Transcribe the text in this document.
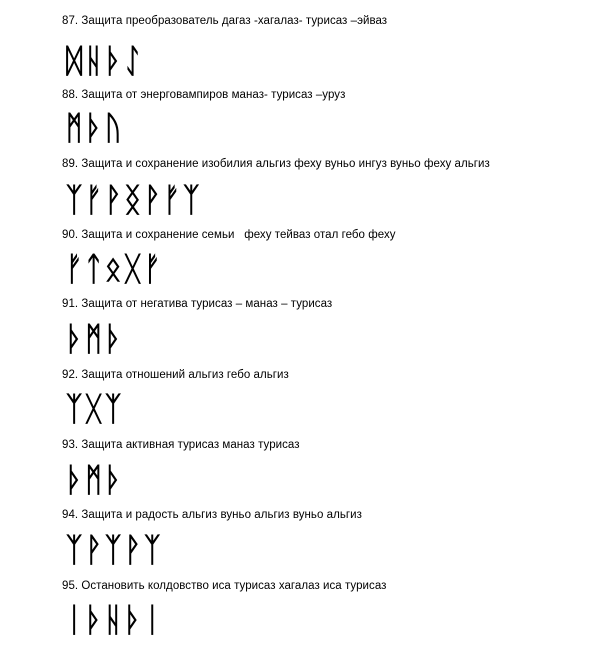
87. Защита преобразователь дагаз -хагалаз- турисаз –эйваз
ᛞᚺᚦᛇ
88. Защита от энерговампиров маназ- турисаз –уруз
ᛗᚦᚢ
89. Защита и сохранение изобилия альгиз феху вуньо ингуз вуньо феху альгиз
ᛉᚠᚹᛝᚹᚠᛉ
90. Защита и сохранение семьи   феху тейваз отал гебо феху
ᚠᛏᛟᚷᚠ
91. Защита от негатива турисаз – маназ – турисаз
ᚦᛗᚦ
92. Защита отношений альгиз гебо альгиз
ᛉᚷᛉ
93. Защита активная турисаз маназ турисаз
ᚦᛗᚦ
94. Защита и радость альгиз вуньо альгиз вуньо альгиз
ᛉᚹᛉᚹᛉ
95. Остановить колдовство иса турисаз хагалаз иса турисаз
ᛁᚦᚺᚦᛁ
